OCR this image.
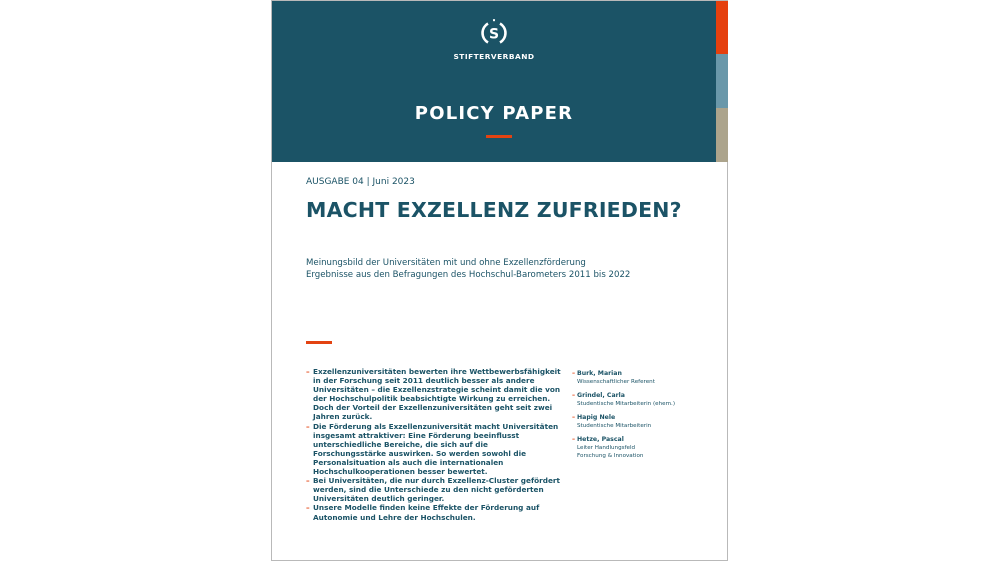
S
STIFTERVERBAND
POLICY PAPER
AUSGABE 04 | Juni 2023
MACHT EXZELLENZ ZUFRIEDEN?
Meinungsbild der Universitäten mit und ohne Exzellenzförderung
Ergebnisse aus den Befragungen des Hochschul-Barometers 2011 bis 2022
– Exzellenzuniversitäten bewerten ihre Wettbewerbsfähigkeit in der Forschung seit 2011 deutlich besser als andere Universitäten – die Exzellenzstrategie scheint damit die von der Hochschulpolitik beabsichtigte Wirkung zu erreichen. Doch der Vorteil der Exzellenzuniversitäten geht seit zwei Jahren zurück.
– Die Förderung als Exzellenzuniversität macht Universitäten insgesamt attraktiver: Eine Förderung beeinflusst unterschiedliche Bereiche, die sich auf die Forschungsstärke auswirken. So werden sowohl die Personalsituation als auch die internationalen Hochschulkooperationen besser bewertet.
– Bei Universitäten, die nur durch Exzellenz-Cluster gefördert werden, sind die Unterschiede zu den nicht geförderten Universitäten deutlich geringer.
– Unsere Modelle finden keine Effekte der Förderung auf Autonomie und Lehre der Hochschulen.
– Burk, Marian
Wissenschaftlicher Referent
– Grindel, Carla
Studentische Mitarbeiterin (ehem.)
– Hapig Nele
Studentische Mitarbeiterin
– Hetze, Pascal
Leiter Handlungsfeld
Forschung & Innovation
